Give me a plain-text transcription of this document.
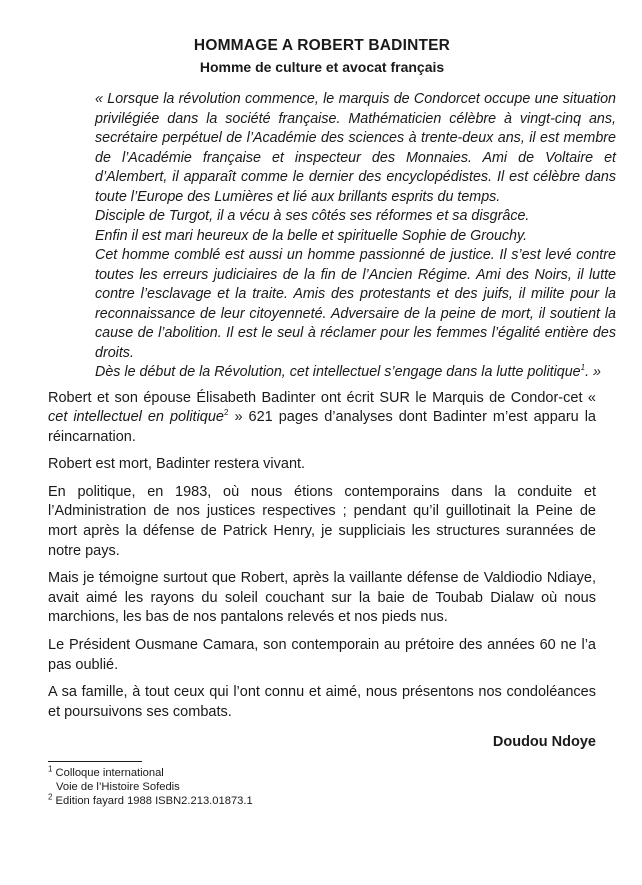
HOMMAGE A ROBERT BADINTER
Homme de culture et avocat français

« Lorsque la révolution commence, le marquis de Condorcet occupe une situation privilégiée dans la société française. Mathématicien célèbre à vingt-cinq ans, secrétaire perpétuel de l’Académie des sciences à trente-deux ans, il est membre de l’Académie française et inspecteur des Monnaies. Ami de Voltaire et d’Alembert, il apparaît comme le dernier des encyclopédistes. Il est célèbre dans toute l’Europe des Lumières et lié aux brillants esprits du temps.

Disciple de Turgot, il a vécu à ses côtés ses réformes et sa disgrâce.

Enfin il est mari heureux de la belle et spirituelle Sophie de Grouchy.

Cet homme comblé est aussi un homme passionné de justice. Il s’est levé contre toutes les erreurs judiciaires de la fin de l’Ancien Régime. Ami des Noirs, il lutte contre l’esclavage et la traite. Amis des protestants et des juifs, il milite pour la reconnaissance de leur citoyenneté. Adversaire de la peine de mort, il soutient la cause de l’abolition. Il est le seul à réclamer pour les femmes l’égalité entière des droits.

Dès le début de la Révolution, cet intellectuel s’engage dans la lutte politique$^1$. »

Robert et son épouse Élisabeth Badinter ont écrit SUR le Marquis de Condor-cet « cet intellectuel en politique$^2$ » 621 pages d’analyses dont Badinter m’est apparu la réincarnation.

Robert est mort, Badinter restera vivant.

En politique, en 1983, où nous étions contemporains dans la conduite et l’Administration de nos justices respectives ; pendant qu’il guillotinait la Peine de mort après la défense de Patrick Henry, je suppliciais les structures surannées de notre pays.

Mais je témoigne surtout que Robert, après la vaillante défense de Valdiodio Ndiaye, avait aimé les rayons du soleil couchant sur la baie de Toubab Dialaw où nous marchions, les bas de nos pantalons relevés et nos pieds nus.

Le Président Ousmane Camara, son contemporain au prétoire des années 60 ne l’a pas oublié.

A sa famille, à tout ceux qui l’ont connu et aimé, nous présentons nos condoléances et poursuivons ses combats.

Doudou Ndoye
$^1$ Colloque international
Voie de l’Histoire Sofedis
$^2$ Edition fayard 1988 ISBN2.213.01873.1
